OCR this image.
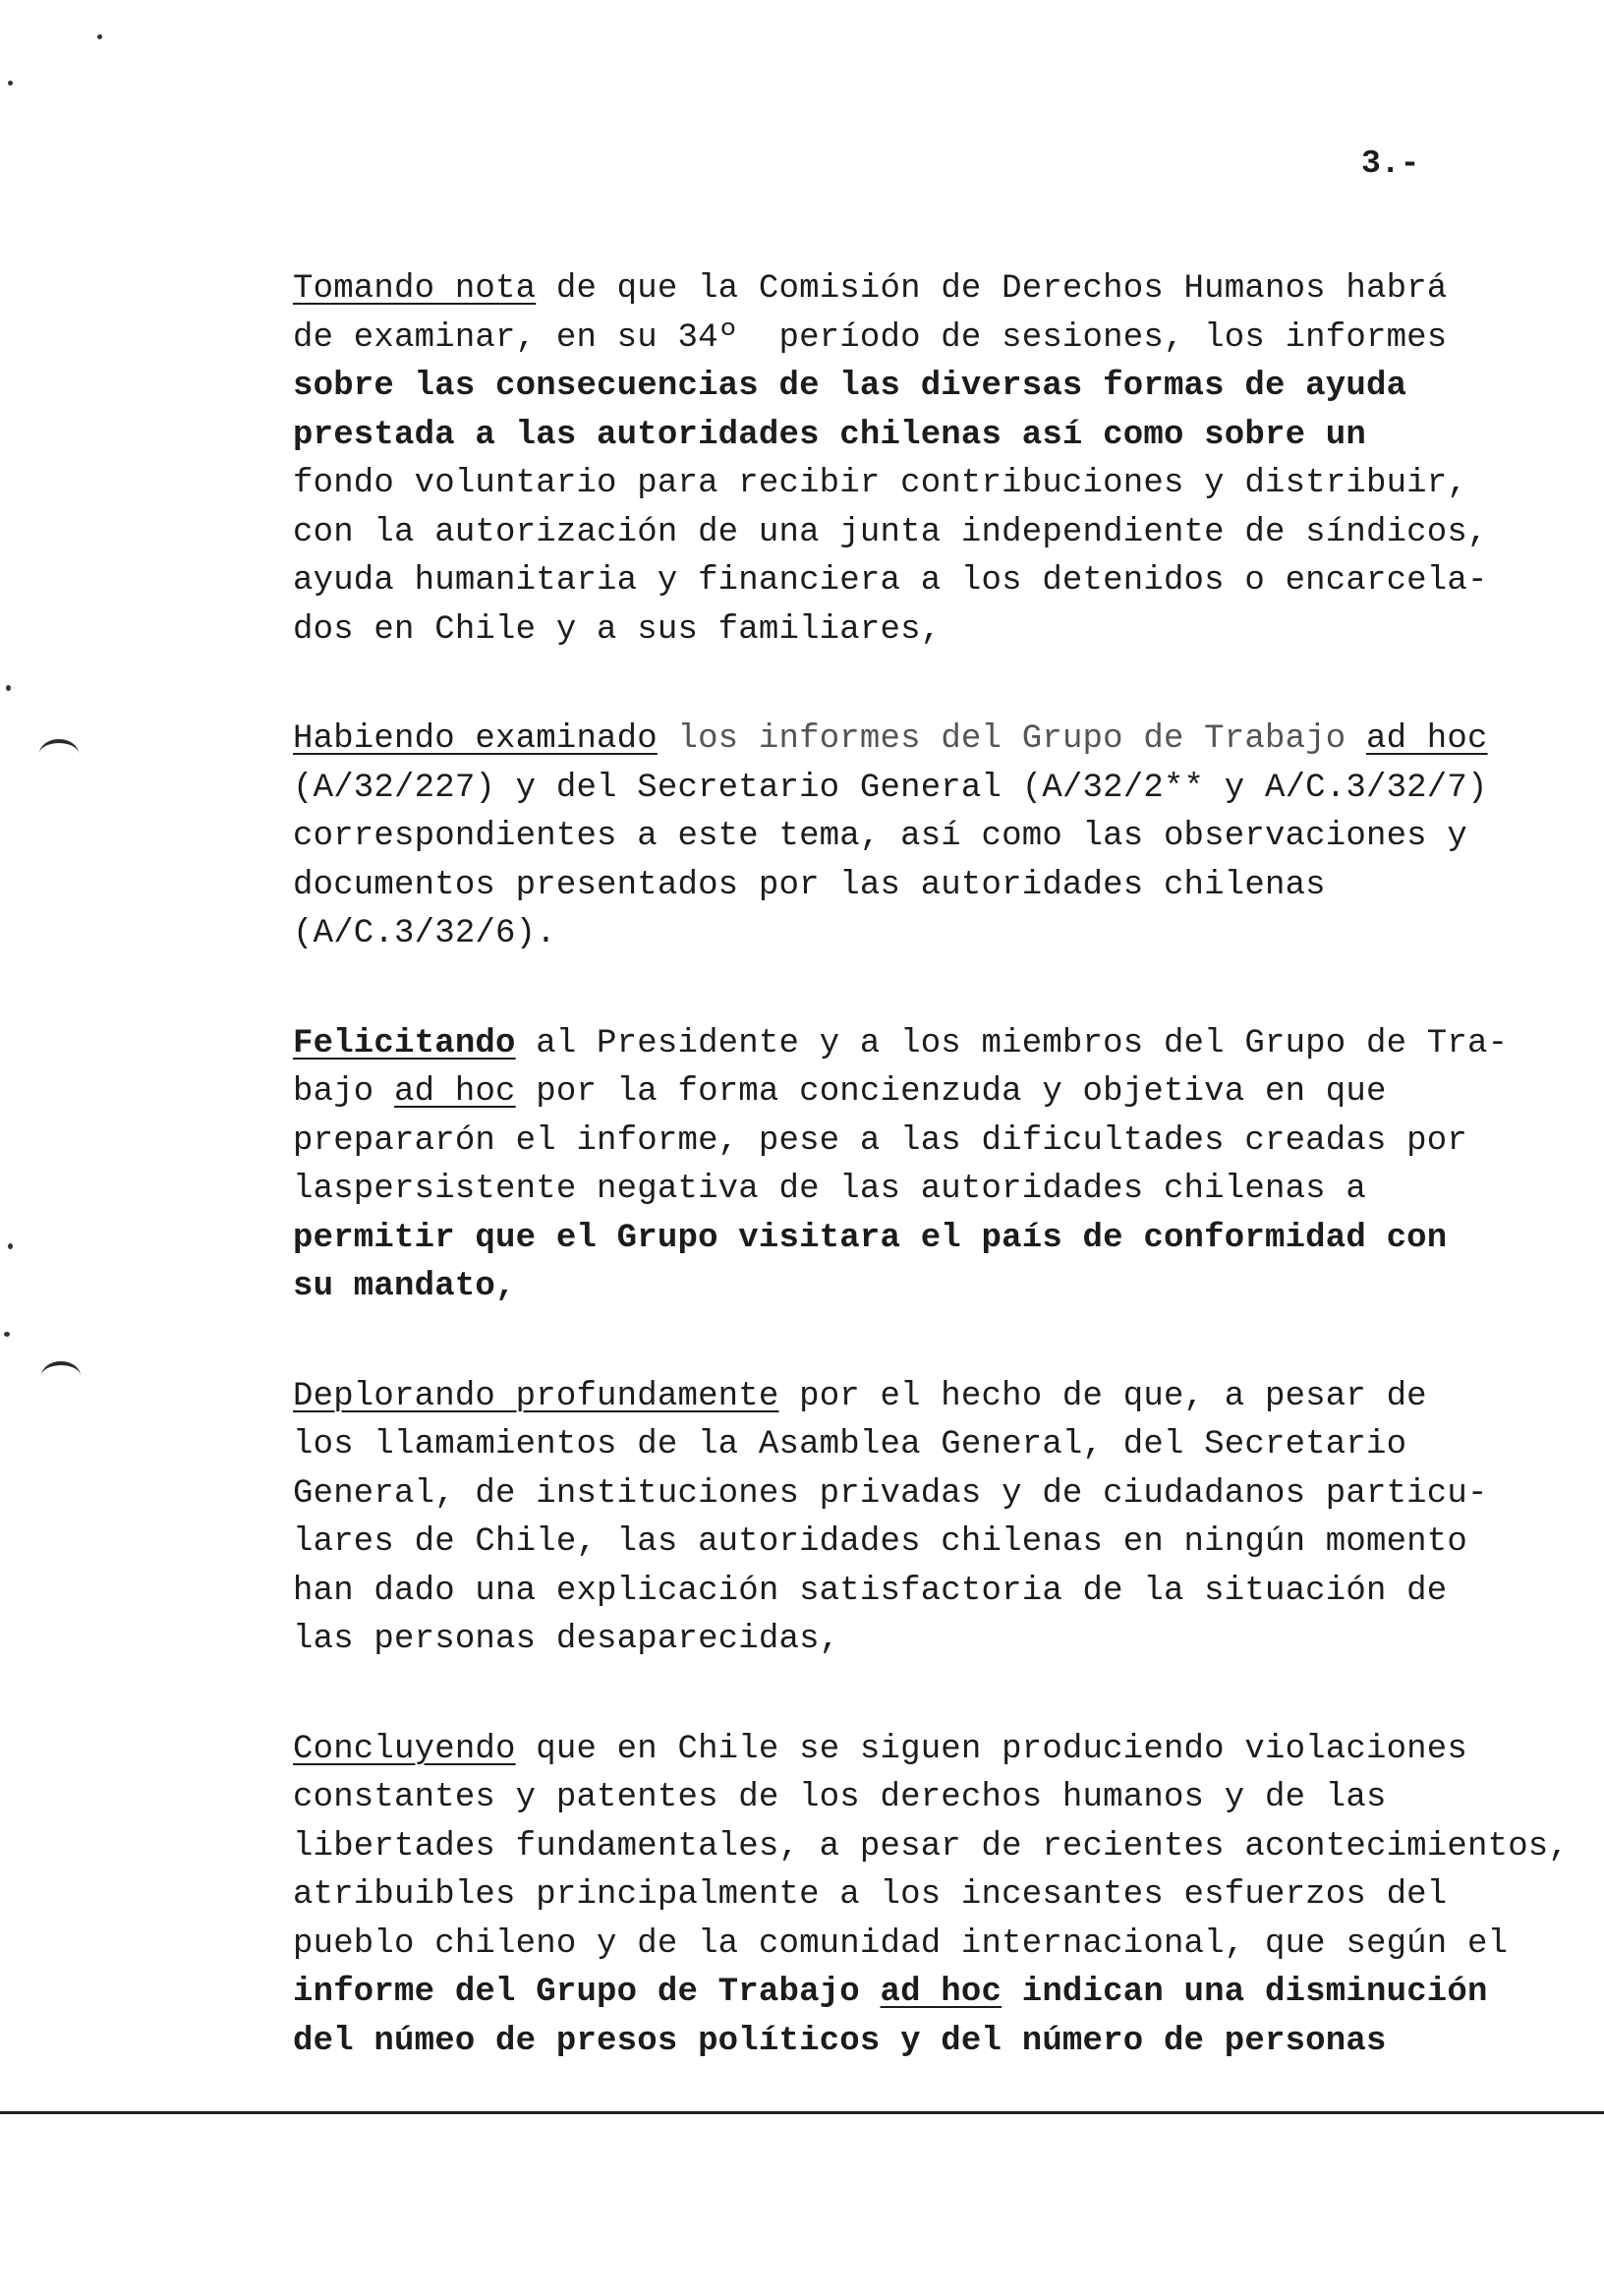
3.-
Tomando nota de que la Comisión de Derechos Humanos habrá
de examinar, en su 34º  período de sesiones, los informes
sobre las consecuencias de las diversas formas de ayuda
prestada a las autoridades chilenas así como sobre un
fondo voluntario para recibir contribuciones y distribuir,
con la autorización de una junta independiente de síndicos,
ayuda humanitaria y financiera a los detenidos o encarcela-
dos en Chile y a sus familiares,
Habiendo examinado los informes del Grupo de Trabajo ad hoc
(A/32/227) y del Secretario General (A/32/2** y A/C.3/32/7)
correspondientes a este tema, así como las observaciones y
documentos presentados por las autoridades chilenas
(A/C.3/32/6).
Felicitando al Presidente y a los miembros del Grupo de Tra-
bajo ad hoc por la forma concienzuda y objetiva en que
prepararón el informe, pese a las dificultades creadas por
laspersistente negativa de las autoridades chilenas a
permitir que el Grupo visitara el país de conformidad con
su mandato,
Deplorando profundamente por el hecho de que, a pesar de
los llamamientos de la Asamblea General, del Secretario
General, de instituciones privadas y de ciudadanos particu-
lares de Chile, las autoridades chilenas en ningún momento
han dado una explicación satisfactoria de la situación de
las personas desaparecidas,
Concluyendo que en Chile se siguen produciendo violaciones
constantes y patentes de los derechos humanos y de las
libertades fundamentales, a pesar de recientes acontecimientos,
atribuibles principalmente a los incesantes esfuerzos del
pueblo chileno y de la comunidad internacional, que según el
informe del Grupo de Trabajo ad hoc indican una disminución
del númeo de presos políticos y del número de personas
